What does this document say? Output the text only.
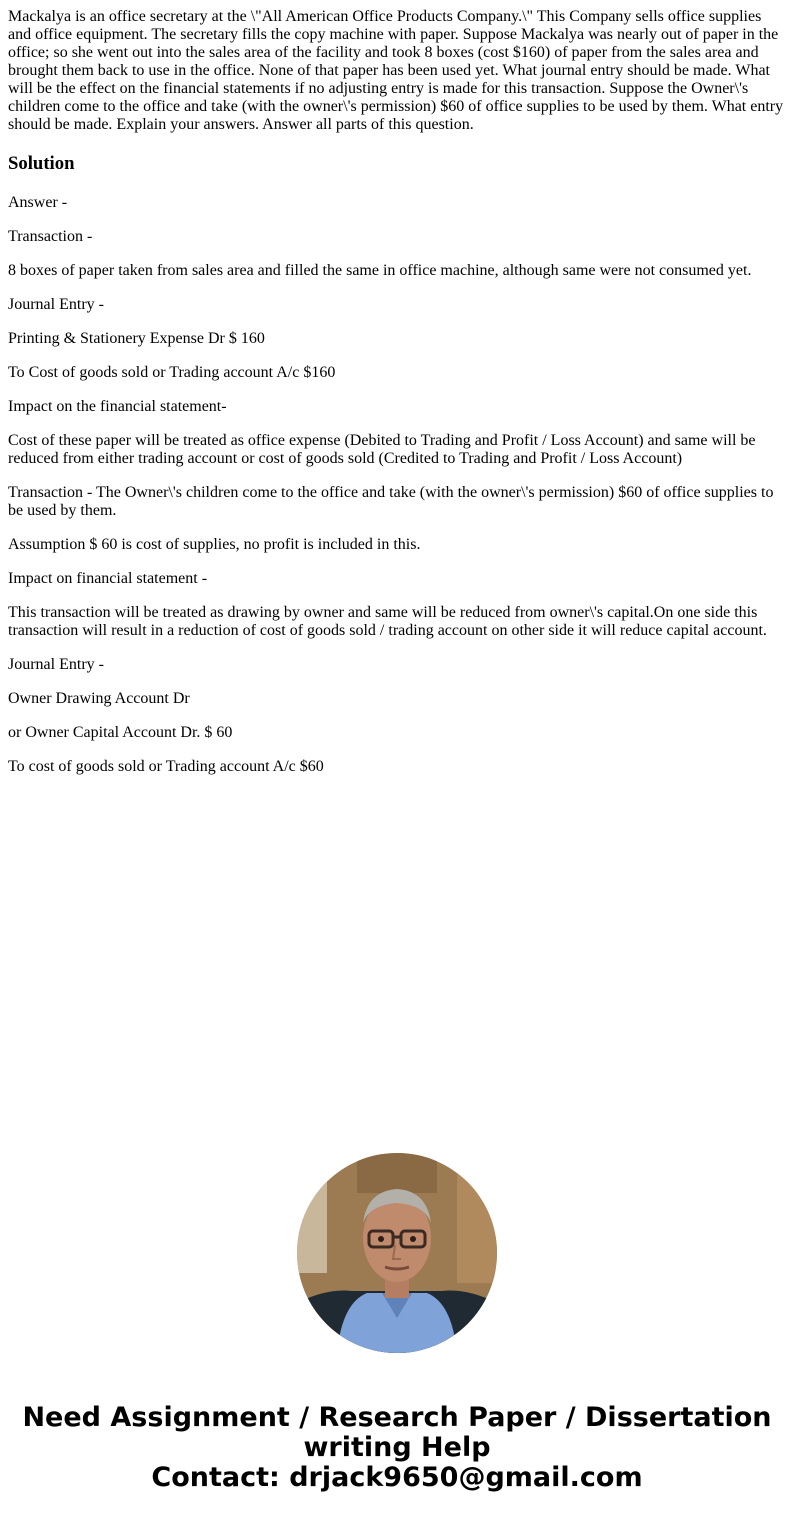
Mackalya is an office secretary at the \"All American Office Products Company.\" This Company sells office supplies and office equipment. The secretary fills the copy machine with paper. Suppose Mackalya was nearly out of paper in the office; so she went out into the sales area of the facility and took 8 boxes (cost $160) of paper from the sales area and brought them back to use in the office. None of that paper has been used yet. What journal entry should be made. What will be the effect on the financial statements if no adjusting entry is made for this transaction. Suppose the Owner\'s children come to the office and take (with the owner\'s permission) $60 of office supplies to be used by them. What entry should be made. Explain your answers. Answer all parts of this question.

Solution

Answer -

Transaction -

8 boxes of paper taken from sales area and filled the same in office machine, although same were not consumed yet.

Journal Entry -

Printing & Stationery Expense Dr $ 160

To Cost of goods sold or Trading account A/c $160

Impact on the financial statement-

Cost of these paper will be treated as office expense (Debited to Trading and Profit / Loss Account) and same will be reduced from either trading account or cost of goods sold (Credited to Trading and Profit / Loss Account)

Transaction - The Owner\'s children come to the office and take (with the owner\'s permission) $60 of office supplies to be used by them.

Assumption $ 60 is cost of supplies, no profit is included in this.

Impact on financial statement -

This transaction will be treated as drawing by owner and same will be reduced from owner\'s capital.On one side this transaction will result in a reduction of cost of goods sold / trading account on other side it will reduce capital account.

Journal Entry -

Owner Drawing Account Dr

or Owner Capital Account Dr. $ 60

To cost of goods sold or Trading account A/c $60

Need Assignment / Research Paper / Dissertation
writing Help
Contact: drjack9650@gmail.com
